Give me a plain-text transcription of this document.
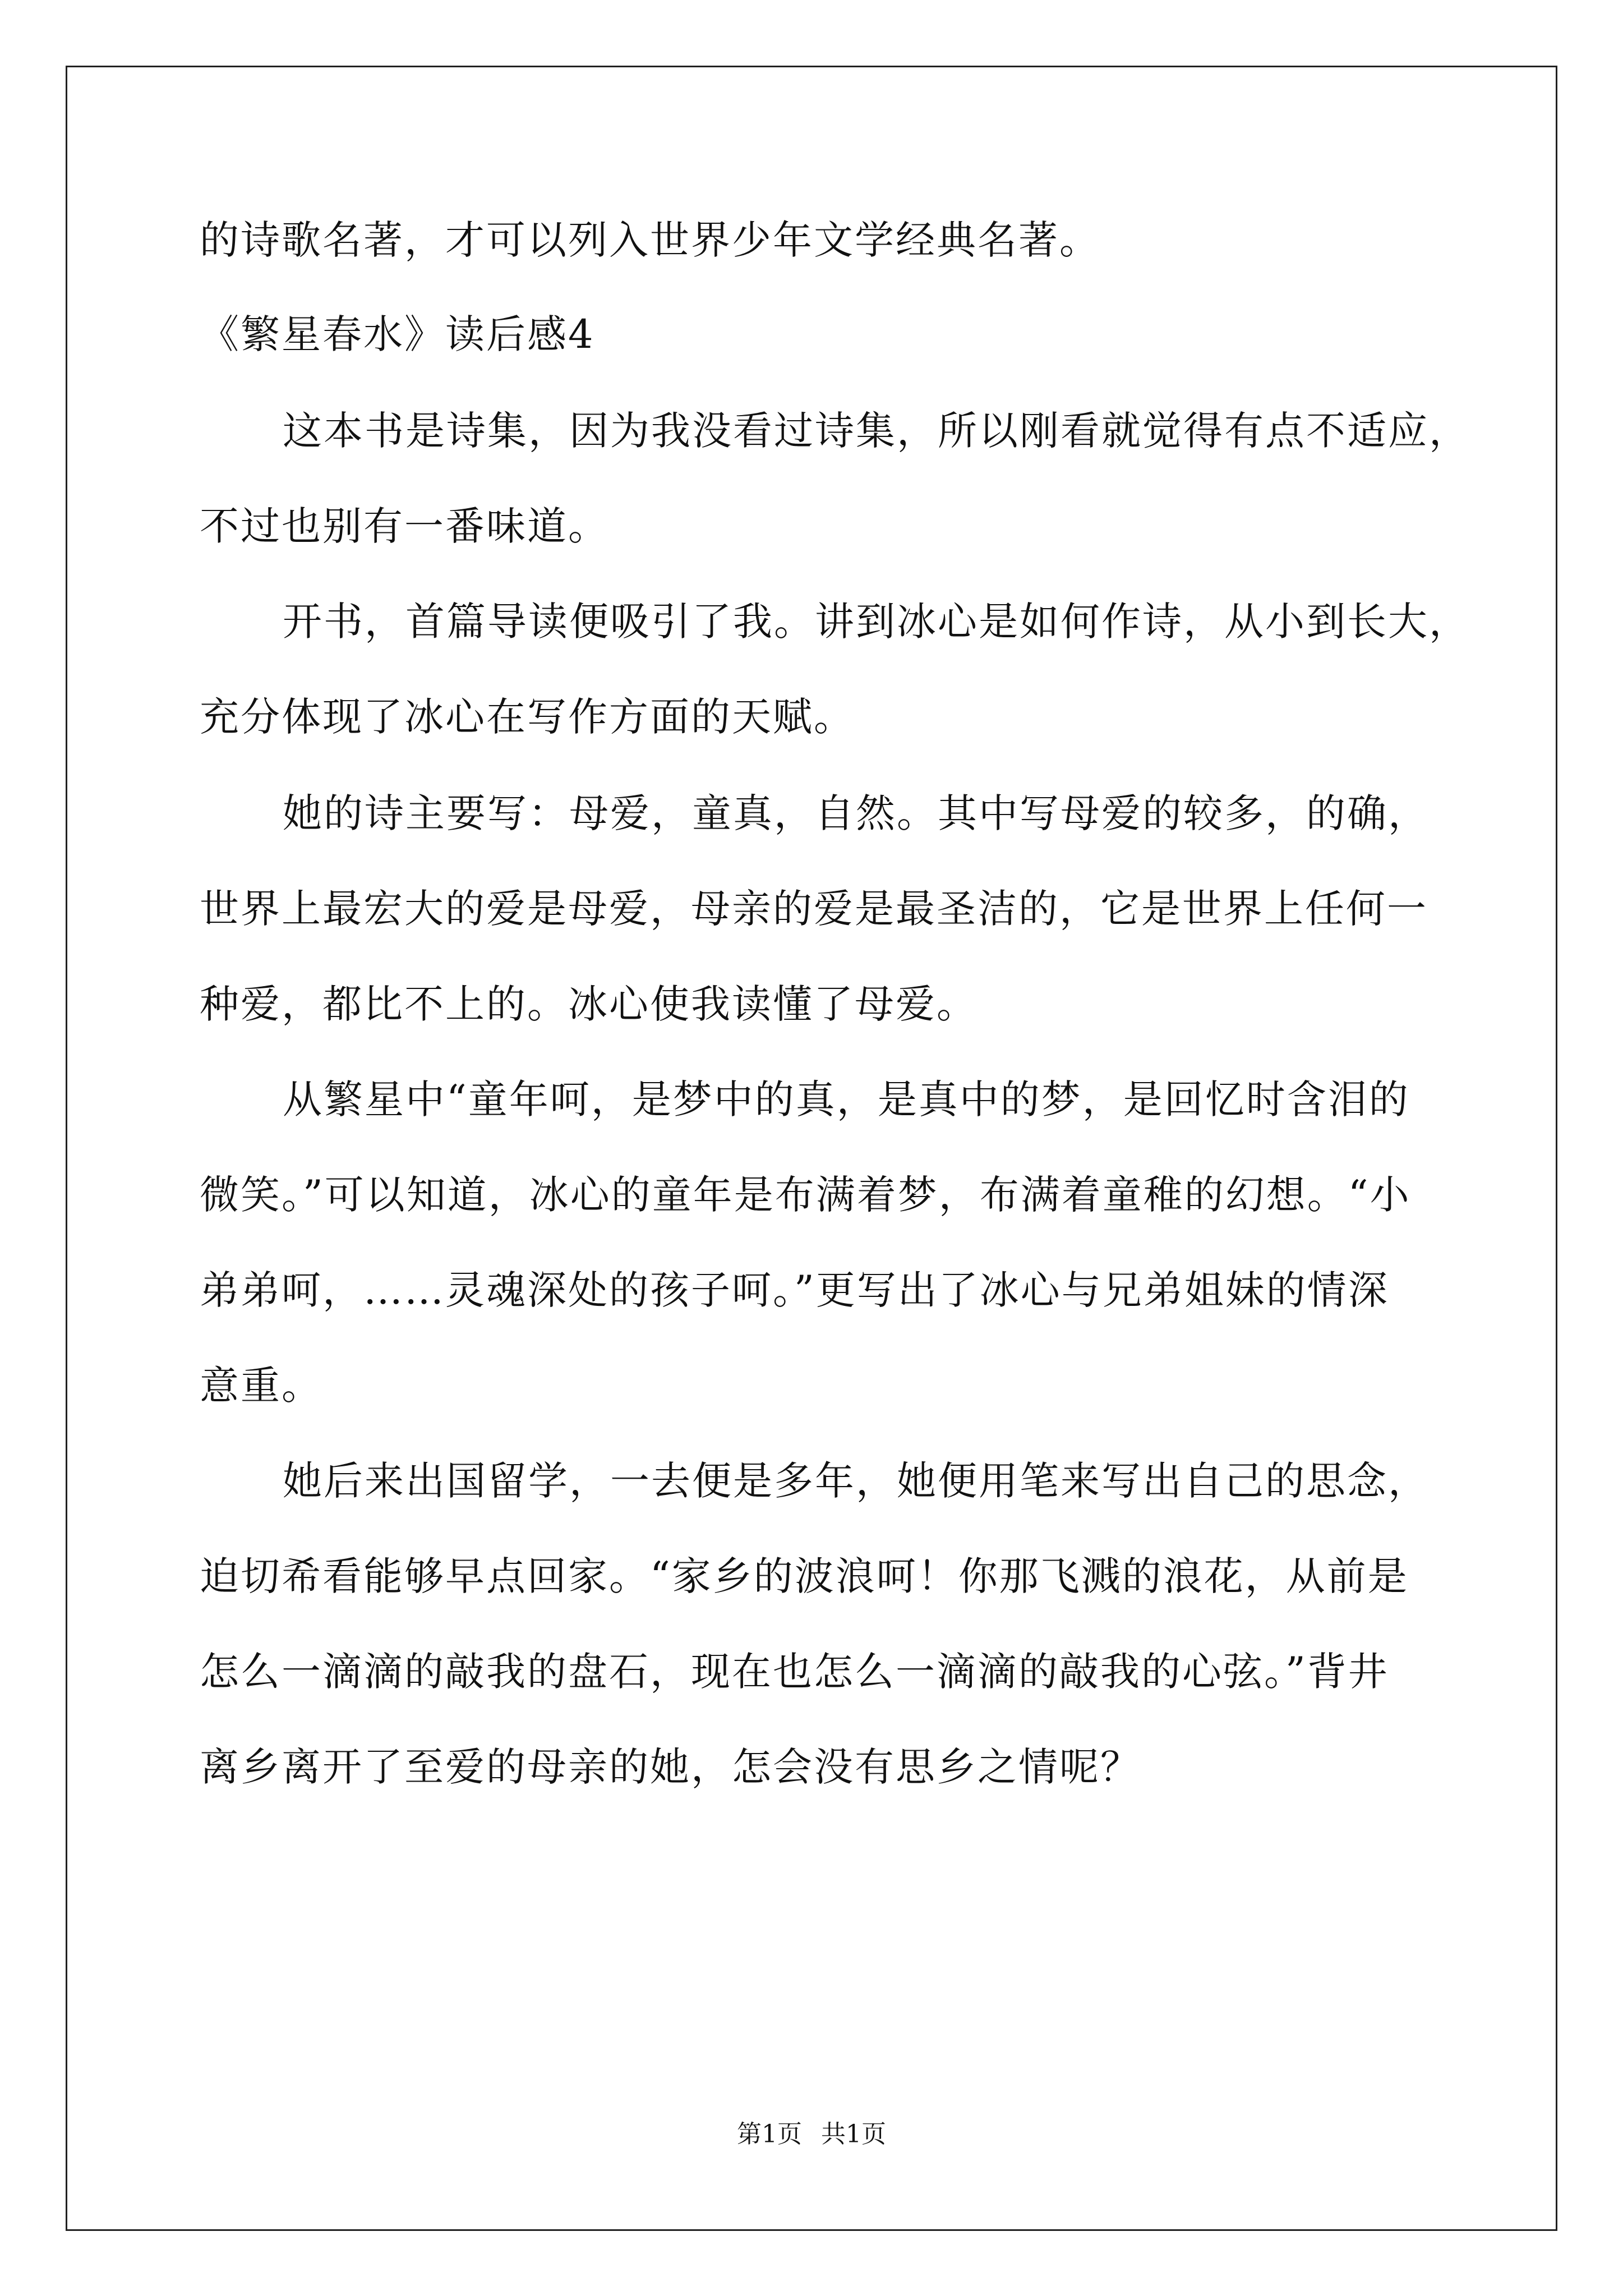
的诗歌名著，才可以列入世界少年文学经典名著。
《繁星春水》读后感4
这本书是诗集，因为我没看过诗集，所以刚看就觉得有点不适应，
不过也别有一番味道。
开书，首篇导读便吸引了我。讲到冰心是如何作诗，从小到长大，
充分体现了冰心在写作方面的天赋。
她的诗主要写：母爱，童真，自然。其中写母爱的较多，的确，
世界上最宏大的爱是母爱，母亲的爱是最圣洁的，它是世界上任何一
种爱，都比不上的。冰心使我读懂了母爱。
从繁星中“童年呵，是梦中的真，是真中的梦，是回忆时含泪的
微笑。”可以知道，冰心的童年是布满着梦，布满着童稚的幻想。“小
弟弟呵，……灵魂深处的孩子呵。”更写出了冰心与兄弟姐妹的情深
意重。
她后来出国留学，一去便是多年，她便用笔来写出自己的思念，
迫切希看能够早点回家。“家乡的波浪呵！你那飞溅的浪花，从前是
怎么一滴滴的敲我的盘石，现在也怎么一滴滴的敲我的心弦。”背井
离乡离开了至爱的母亲的她，怎会没有思乡之情呢？
第1页 共1页
